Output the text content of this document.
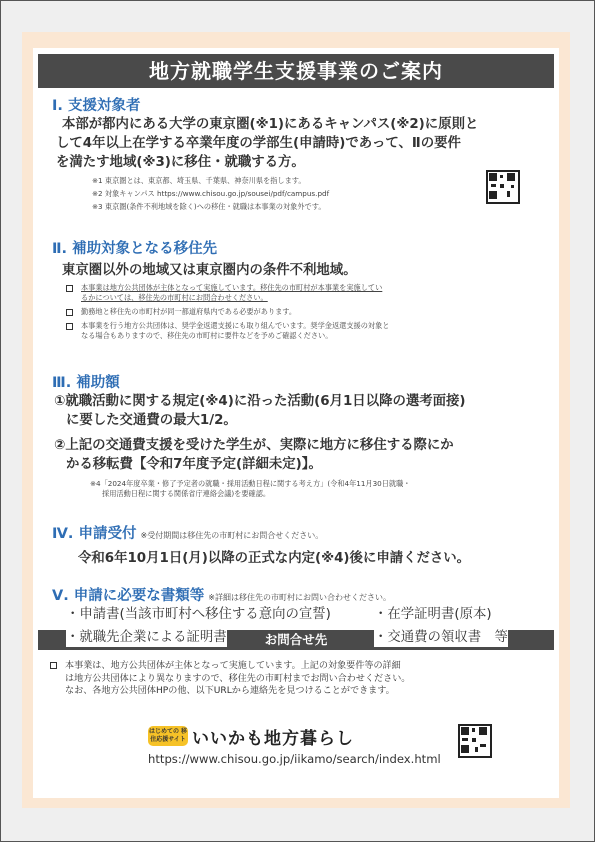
地方就職学生支援事業のご案内
Ⅰ. 支援対象者
本部が都内にある大学の東京圏(※1)にあるキャンパス(※2)に原則と
して4年以上在学する卒業年度の学部生(申請時)であって、Ⅱの要件
を満たす地域(※3)に移住・就職する方。
※1 東京圏とは、東京都、埼玉県、千葉県、神奈川県を指します。
※2 対象キャンパス https://www.chisou.go.jp/sousei/pdf/campus.pdf
※3 東京圏(条件不利地域を除く)への移住・就職は本事業の対象外です。
Ⅱ. 補助対象となる移住先
東京圏以外の地域又は東京圏内の条件不利地域。
本事業は地方公共団体が主体となって実施しています。移住先の市町村が本事業を実施してい
るかについては、移住先の市町村にお問合わせください。
勤務地と移住先の市町村が同一都道府県内である必要があります。
本事業を行う地方公共団体は、奨学金返還支援にも取り組んでいます。奨学金返還支援の対象と
なる場合もありますので、移住先の市町村に要件などを予めご確認ください。
Ⅲ. 補助額
①就職活動に関する規定(※4)に沿った活動(6月1日以降の選考面接)
に要した交通費の最大1/2。
②上記の交通費支援を受けた学生が、実際に地方に移住する際にか
かる移転費【令和7年度予定(詳細未定)】。
※4「2024年度卒業・修了予定者の就職・採用活動日程に関する考え方」(令和4年11月30日就職・
採用活動日程に関する関係省庁連絡会議)を要確認。
Ⅳ. 申請受付 ※受付期間は移住先の市町村にお問合せください。
令和6年10月1日(月)以降の正式な内定(※4)後に申請ください。
Ⅴ. 申請に必要な書類等 ※詳細は移住先の市町村にお問い合わせください。
・申請書(当該市町村へ移住する意向の宣誓)	・在学証明書(原本)
お問合せ先
・就職先企業による証明書	・交通費の領収書　等
本事業は、地方公共団体が主体となって実施しています。上記の対象要件等の詳細
は地方公共団体により異なりますので、移住先の市町村までお問い合わせください。
なお、各地方公共団体HPの他、以下URLから連絡先を見つけることができます。
はじめての 移住応援サイト いいかも地方暮らし
https://www.chisou.go.jp/iikamo/search/index.html
